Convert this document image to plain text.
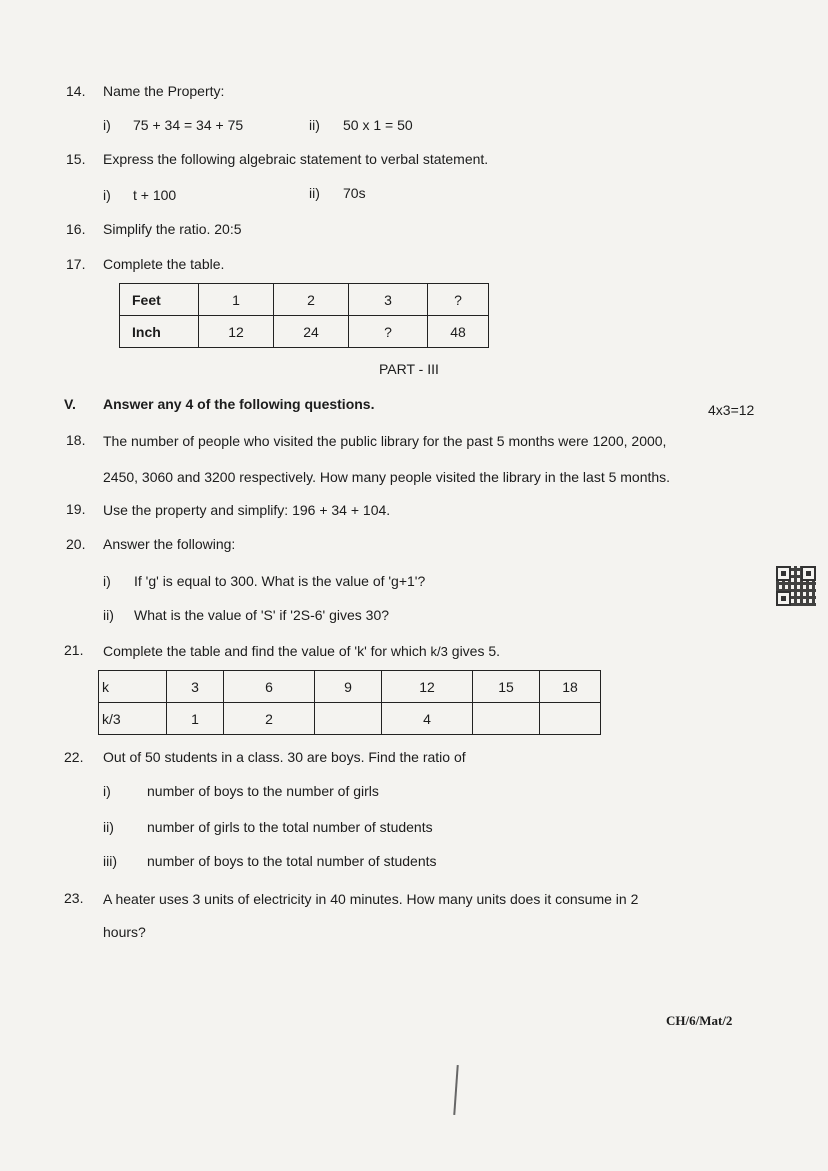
14. Name the Property:
i) 75 + 34 = 34 + 75	ii) 50 x 1 = 50
15. Express the following algebraic statement to verbal statement.
i) t + 100	ii) 70s
16. Simplify the ratio. 20:5
17. Complete the table.
Feet	1	2	3	?
Inch	12	24	?	48
PART - III
V. Answer any 4 of the following questions.	4x3=12
18. The number of people who visited the public library for the past 5 months were 1200, 2000,
2450, 3060 and 3200 respectively. How many people visited the library in the last 5 months.
19. Use the property and simplify: 196 + 34 + 104.
20. Answer the following:
i) If 'g' is equal to 300. What is the value of 'g+1'?
ii) What is the value of 'S' if '2S-6' gives 30?
21. Complete the table and find the value of 'k' for which k/3 gives 5.
k	3	6	9	12	15	18
k/3	1	2		4		
22. Out of 50 students in a class. 30 are boys. Find the ratio of
i)	number of boys to the number of girls
ii) number of girls to the total number of students
iii) number of boys to the total number of students
23. A heater uses 3 units of electricity in 40 minutes. How many units does it consume in 2
hours?
CH/6/Mat/2
